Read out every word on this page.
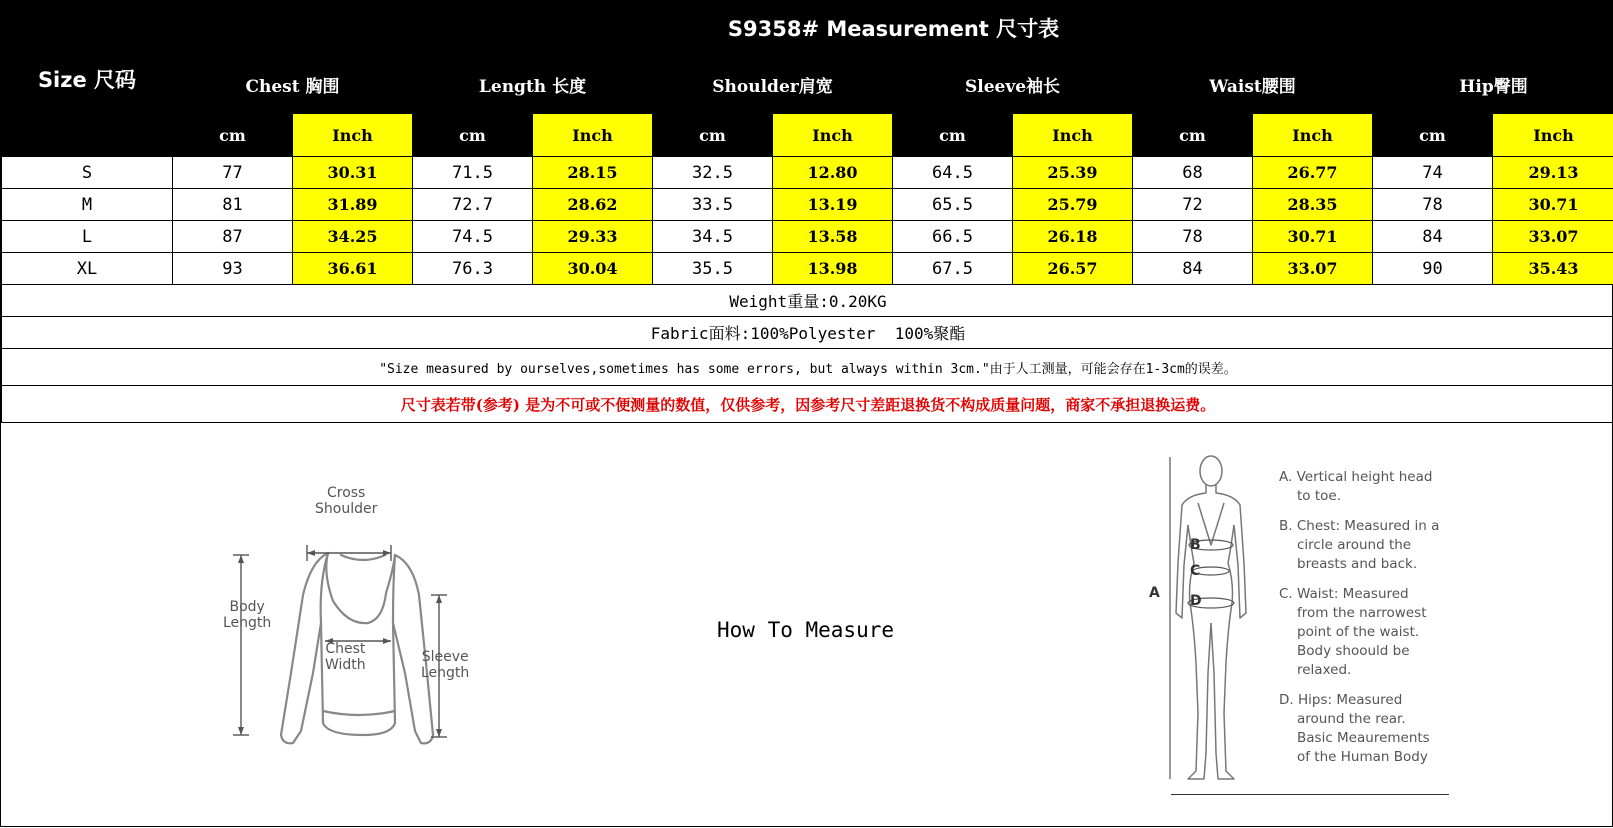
Size 尺码	S9358# Measurement 尺寸表											
	Chest 胸围		Length 长度		Shoulder肩宽		Sleeve袖长		Waist腰围		Hip臀围	
	cm	Inch	cm	Inch	cm	Inch	cm	Inch	cm	Inch	cm	Inch
S	77	30.31	71.5	28.15	32.5	12.80	64.5	25.39	68	26.77	74	29.13
M	81	31.89	72.7	28.62	33.5	13.19	65.5	25.79	72	28.35	78	30.71
L	87	34.25	74.5	29.33	34.5	13.58	66.5	26.18	78	30.71	84	33.07
XL	93	36.61	76.3	30.04	35.5	13.98	67.5	26.57	84	33.07	90	35.43
Weight重量:0.20KG												
Fabric面料:100%Polyester  100%聚酯												
"Size measured by ourselves,sometimes has some errors, but always within 3cm."由于人工测量，可能会存在1-3cm的误差。												
尺寸表若带(参考) 是为不可或不便测量的数值，仅供参考，因参考尺寸差距退换货不构成质量问题，商家不承担退换运费。												
Cross
Shoulder
Body
Length
Chest
Width	Sleeve
Length
How To Measure
B
C
D
A
A. Vertical height head
to toe.
B. Chest: Measured in a
circle around the
breasts and back.
C. Waist: Measured
from the narrowest
point of the waist.
Body shoould be
relaxed.
D. Hips: Measured
around the rear.
Basic Meaurements
of the Human Body
